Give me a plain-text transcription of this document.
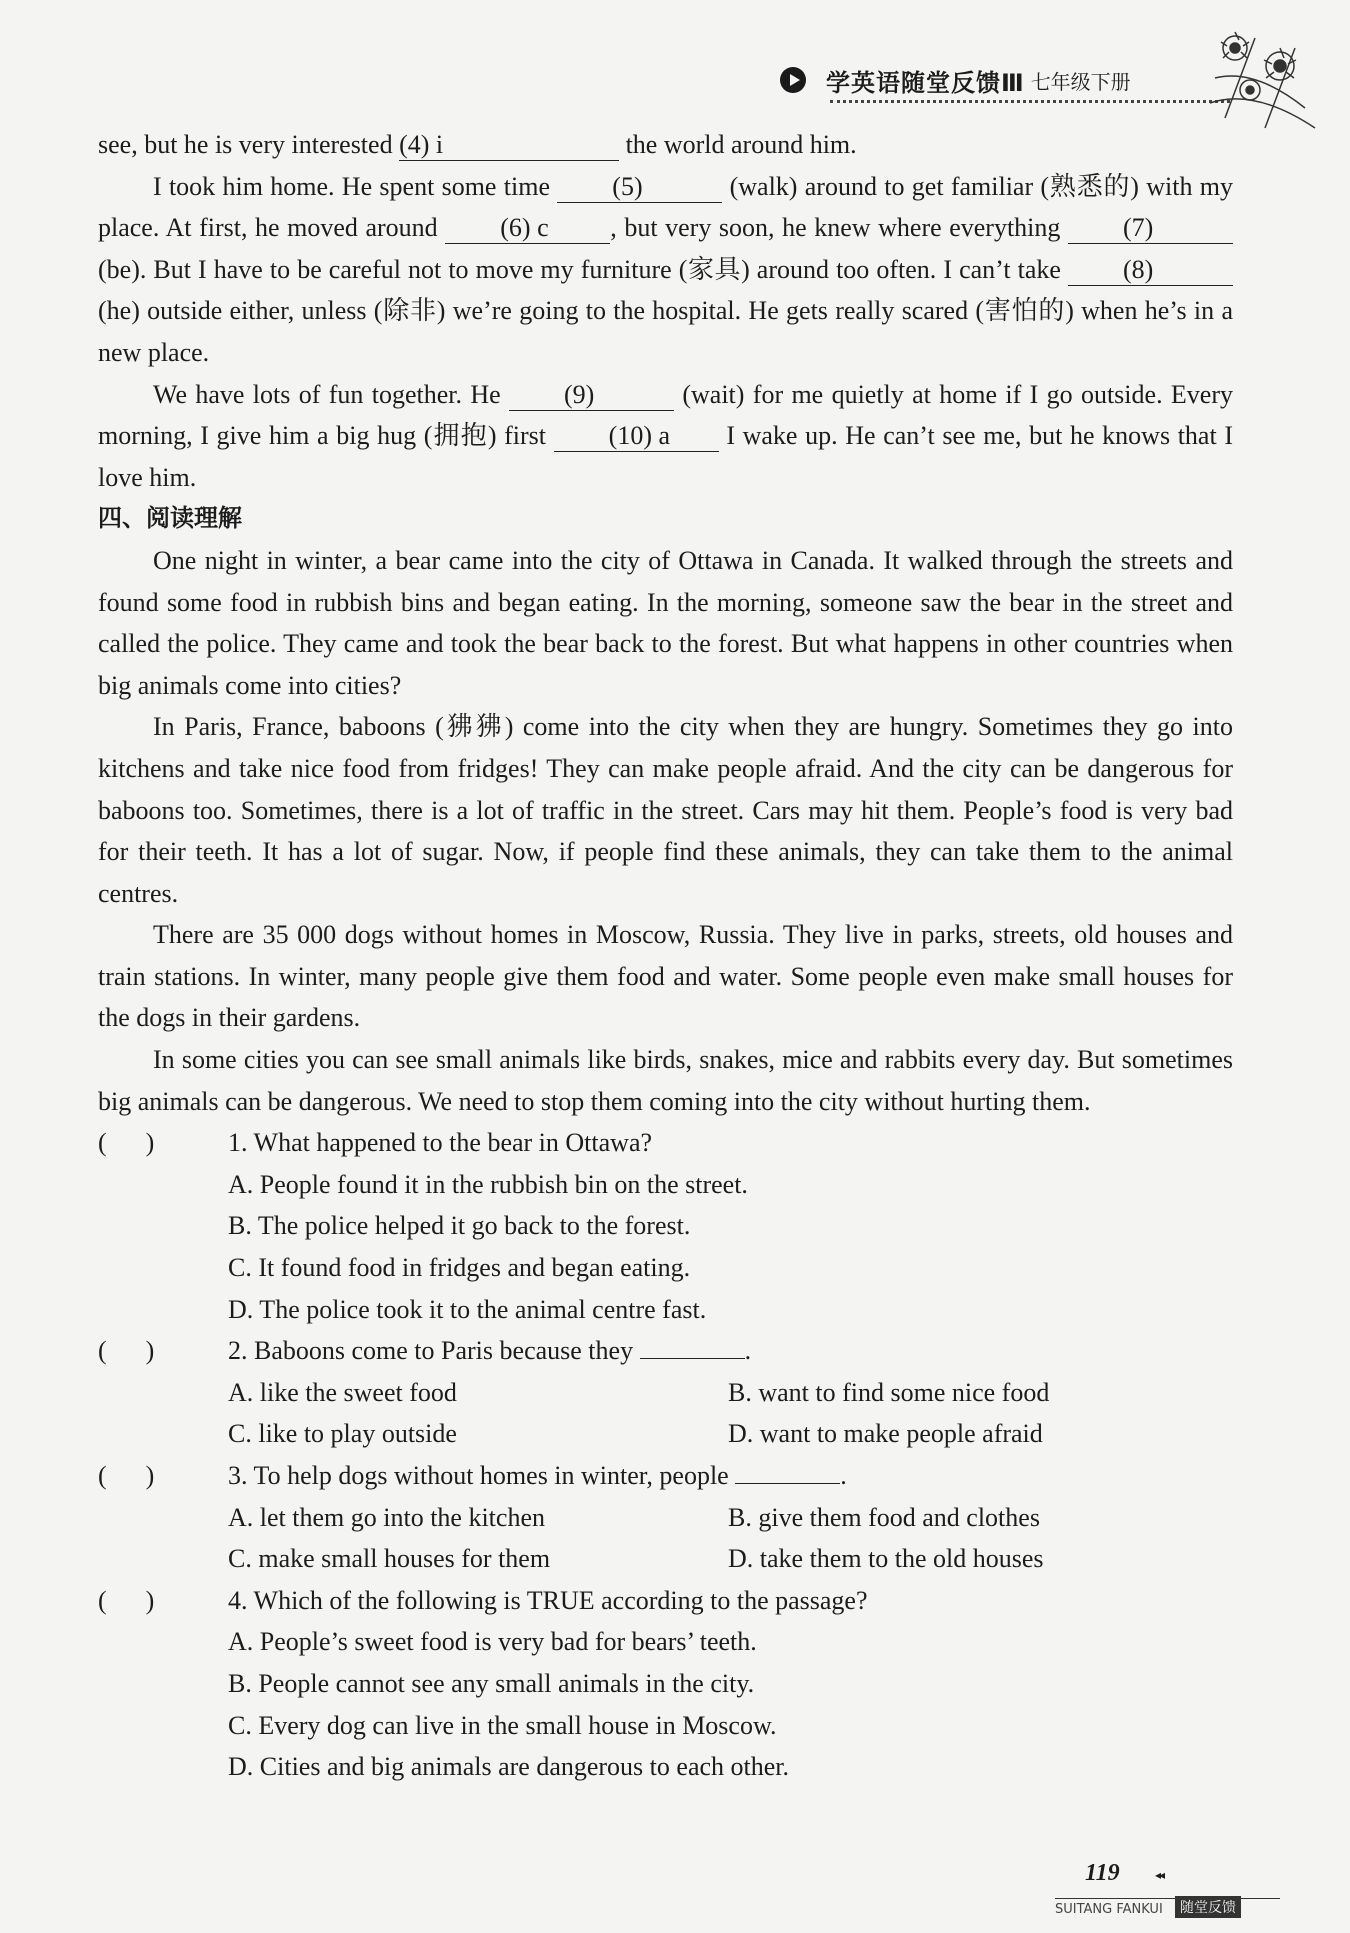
学英语随堂反馈Ⅲ 七年级下册

see, but he is very interested (4) i	the world around him.

I took him home. He spent some time (5)	(walk) around to get familiar (熟悉的) with my place. At first, he moved around (6) c , but very soon, he knew where everything (7) (be). But I have to be careful not to move my furniture (家具) around too often. I can’t take (8) (he) outside either, unless (除非) we’re going to the hospital. He gets really scared (害怕的) when he’s in a new place.

We have lots of fun together. He (9)	(wait) for me quietly at home if I go outside. Every morning, I give him a big hug (拥抱) first (10) a I wake up. He can’t see me, but he knows that I love him.

四、阅读理解

One night in winter, a bear came into the city of Ottawa in Canada. It walked through the streets and found some food in rubbish bins and began eating. In the morning, someone saw the bear in the street and called the police. They came and took the bear back to the forest. But what happens in other countries when big animals come into cities?

In Paris, France, baboons (狒狒) come into the city when they are hungry. Sometimes they go into kitchens and take nice food from fridges! They can make people afraid. And the city can be dangerous for baboons too. Sometimes, there is a lot of traffic in the street. Cars may hit them. People’s food is very bad for their teeth. It has a lot of sugar. Now, if people find these animals, they can take them to the animal centres.

There are 35 000 dogs without homes in Moscow, Russia. They live in parks, streets, old houses and train stations. In winter, many people give them food and water. Some people even make small houses for the dogs in their gardens.

In some cities you can see small animals like birds, snakes, mice and rabbits every day. But sometimes big animals can be dangerous. We need to stop them coming into the city without hurting them.

(      )	1. What happened to the bear in Ottawa?
A. People found it in the rubbish bin on the street.
B. The police helped it go back to the forest.
C. It found food in fridges and began eating.
D. The police took it to the animal centre fast.
(      )	2. Baboons come to Paris because they	.
A. like the sweet food	B. want to find some nice food
C. like to play outside	D. want to make people afraid
(      )	3. To help dogs without homes in winter, people	.
A. let them go into the kitchen	B. give them food and clothes
C. make small houses for them	D. take them to the old houses
(      )	4. Which of the following is TRUE according to the passage?
A. People’s sweet food is very bad for bears’ teeth.
B. People cannot see any small animals in the city.
C. Every dog can live in the small house in Moscow.
D. Cities and big animals are dangerous to each other.
119	◂◂
SUITANG FANKUI	随堂反馈
